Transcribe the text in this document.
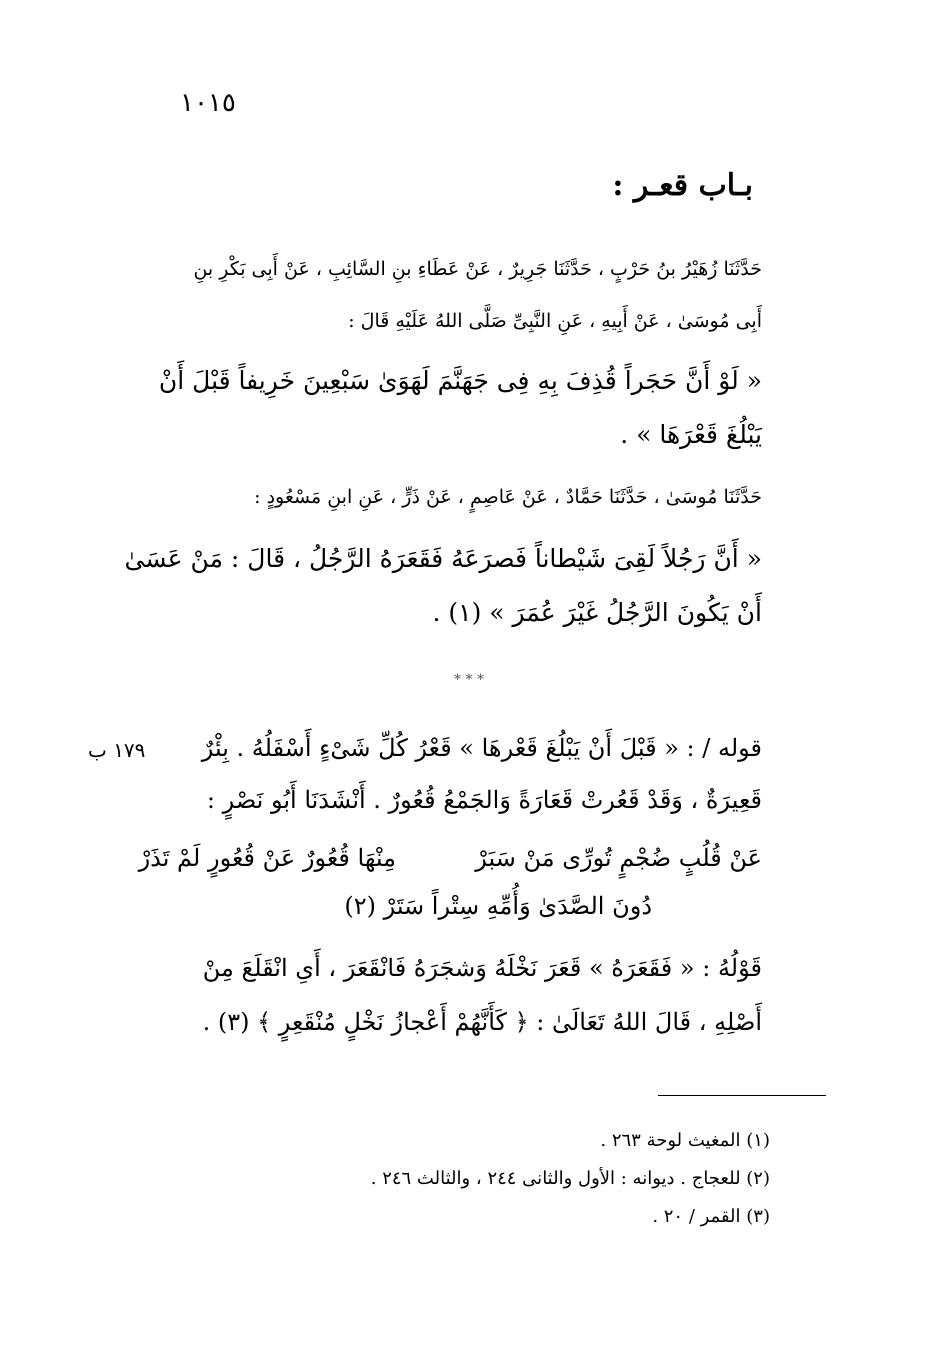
١٠١٥
بـاب قعـر :
حَدَّثَنَا زُهَيْرُ بنُ حَرْبٍ ، حَدَّثَنَا جَرِيرٌ ، عَنْ عَطَاءِ بنِ السَّائِبِ ، عَنْ أَبِى بَكْرِ بنِ
أَبِى مُوسَىٰ ، عَنْ أَبِيهِ ، عَنِ النَّبِىِّ صَلَّى اللهُ عَلَيْهِ قَالَ :
« لَوْ أَنَّ حَجَراً قُذِفَ بِهِ فِى جَهَنَّمَ لَهَوَىٰ سَبْعِينَ خَرِيفاً قَبْلَ أَنْ
يَبْلُغَ قَعْرَهَا » .
حَدَّثَنَا مُوسَىٰ ، حَدَّثَنَا حَمَّادٌ ، عَنْ عَاصِمٍ ، عَنْ ذَرٍّ ، عَنِ ابنِ مَسْعُودٍ :
« أَنَّ رَجُلاً لَقِىَ شَيْطاناً فَصرَعَهُ فَقَعَرَهُ الرَّجُلُ ، قَالَ : مَنْ عَسَىٰ
أَنْ يَكُونَ الرَّجُلُ غَيْرَ عُمَرَ » (١) .
* * *
١٧٩ ب قوله / : « قَبْلَ أَنْ يَبْلُغَ قَعْرهَا » قَعْرُ كُلِّ شَىْءٍ أَسْفَلُهُ . بِئْرٌ
قَعِيرَةٌ ، وَقَدْ قَعُرتْ قَعَارَةً وَالجَمْعُ قُعُورٌ . أَنْشَدَنَا أَبُو نَصْرٍ :
عَنْ قُلُبٍ ضُجْمٍ تُورِّى مَنْ سَبَرْ
مِنْهَا قُعُورٌ عَنْ قُعُورٍ لَمْ تَذَرْ
دُونَ الصَّدَىٰ وَأُمِّهِ سِتْراً سَتَرْ (٢)
قَوْلُهُ : « فَقَعَرَهُ » قَعَرَ نَخْلَهُ وَشجَرَهُ فَانْقَعَرَ ، أَىِ انْقَلَعَ مِنْ
أَصْلِهِ ، قَالَ اللهُ تَعَالَىٰ : ﴿ كَأَنَّهُمْ أَعْجازُ نَخْلٍ مُنْقَعِرٍ ﴾ (٣) .
(١) المغيث لوحة ٢٦٣ .
(٢) للعجاج . ديوانه : الأول والثانى ٢٤٤ ، والثالث ٢٤٦ .
(٣) القمر / ٢٠ .
